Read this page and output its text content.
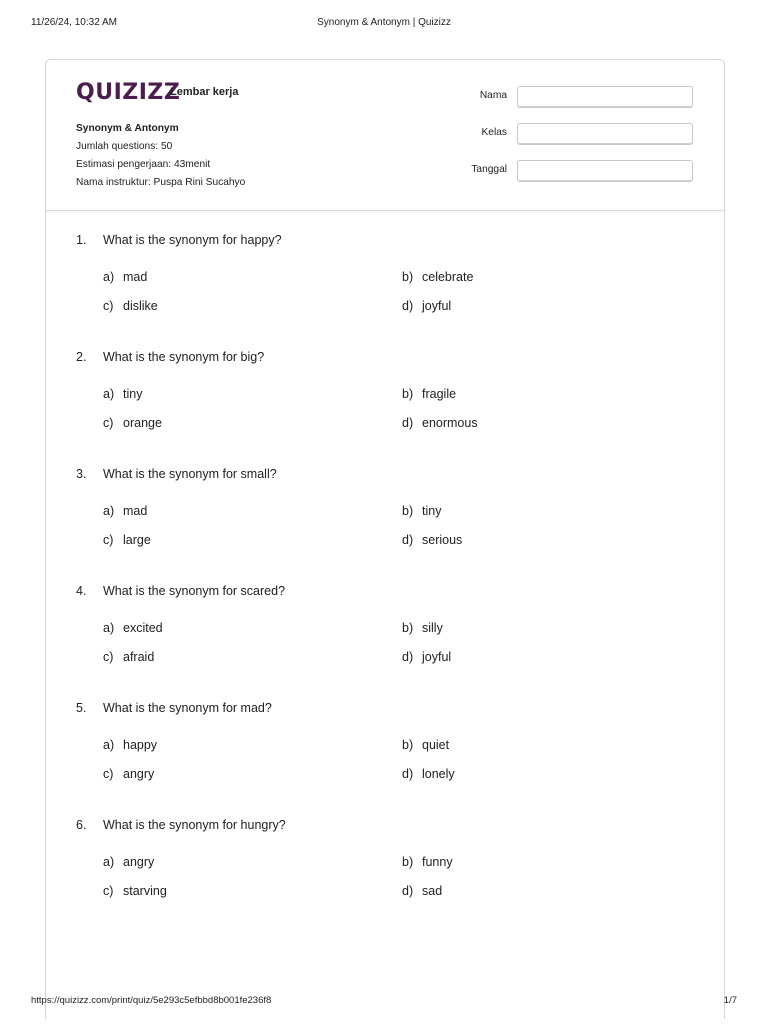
11/26/24, 10:32 AM	Synonym & Antonym | Quizizz
QUIZIZZ
Lembar kerja
Synonym & Antonym
Jumlah questions: 50
Estimasi pengerjaan: 43menit
Nama instruktur: Puspa Rini Sucahyo
Nama
Kelas
Tanggal
1.	What is the synonym for happy?
a) mad	b) celebrate
c) dislike	d) joyful
2.	What is the synonym for big?
a) tiny	b) fragile
c) orange	d) enormous
3.	What is the synonym for small?
a) mad	b) tiny
c) large	d) serious
4.	What is the synonym for scared?
a) excited	b) silly
c) afraid	d) joyful
5.	What is the synonym for mad?
a) happy	b) quiet
c) angry	d) lonely
6.	What is the synonym for hungry?
a) angry	b) funny
c) starving	d) sad
https://quizizz.com/print/quiz/5e293c5efbbd8b001fe236f8	1/7
